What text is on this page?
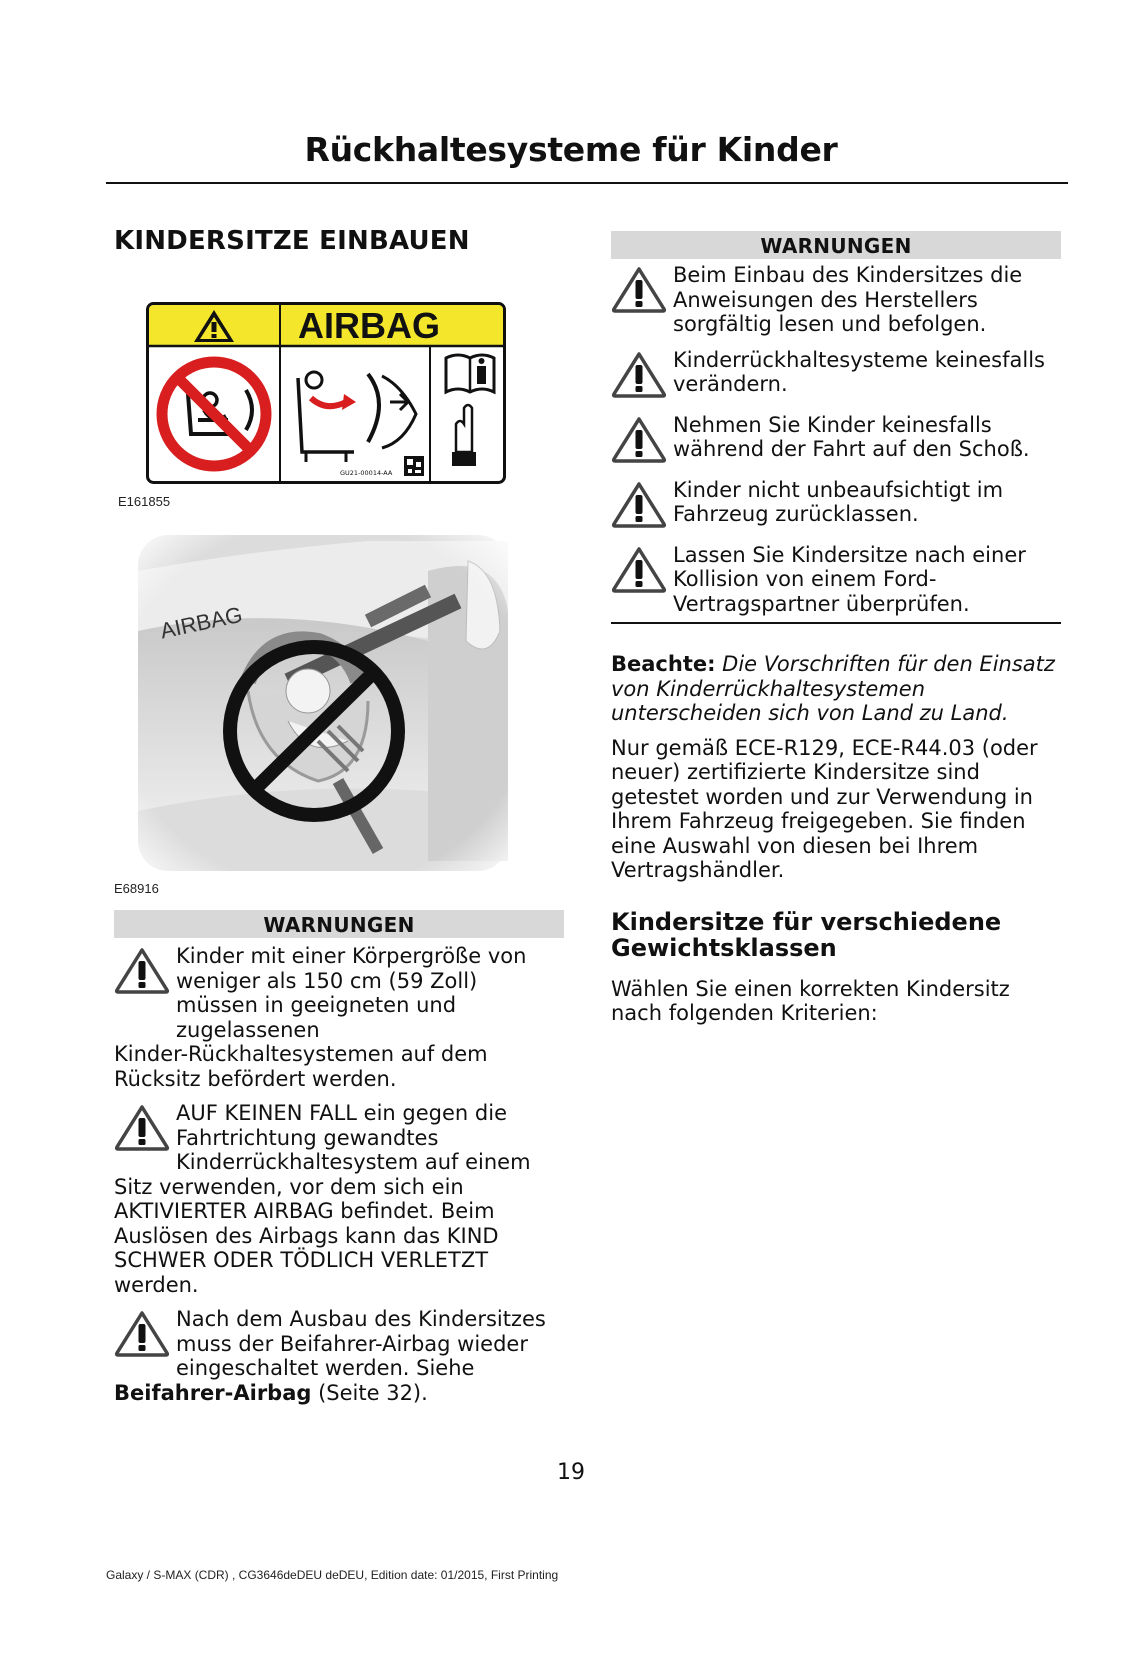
Rückhaltesysteme für Kinder
KINDERSITZE EINBAUEN
GU21-00014-AA
AIRBAG
E161855
AIRBAG
E68916
WARNUNGEN
Kinder mit einer Körpergröße von weniger als 150 cm (59 Zoll) müssen in geeigneten und zugelassenen
Kinder-Rückhaltesystemen auf dem Rücksitz befördert werden.
AUF KEINEN FALL ein gegen die Fahrtrichtung gewandtes Kinderrückhaltesystem auf einem
Sitz verwenden, vor dem sich ein AKTIVIERTER AIRBAG befindet. Beim Auslösen des Airbags kann das KIND SCHWER ODER TÖDLICH VERLETZT werden.
Nach dem Ausbau des Kindersitzes muss der Beifahrer-Airbag wieder eingeschaltet werden. Siehe
Beifahrer-Airbag (Seite 32).
WARNUNGEN
Beim Einbau des Kindersitzes die Anweisungen des Herstellers sorgfältig lesen und befolgen.
Kinderrückhaltesysteme keinesfalls verändern.
Nehmen Sie Kinder keinesfalls während der Fahrt auf den Schoß.
Kinder nicht unbeaufsichtigt im Fahrzeug zurücklassen.
Lassen Sie Kindersitze nach einer Kollision von einem Ford-Vertragspartner überprüfen.

Beachte: Die Vorschriften für den Einsatz von Kinderrückhaltesystemen unterscheiden sich von Land zu Land.

Nur gemäß ECE-R129, ECE-R44.03 (oder neuer) zertifizierte Kindersitze sind getestet worden und zur Verwendung in Ihrem Fahrzeug freigegeben. Sie finden eine Auswahl von diesen bei Ihrem Vertragshändler.

Kindersitze für verschiedene Gewichtsklassen

Wählen Sie einen korrekten Kindersitz nach folgenden Kriterien:

19
Galaxy / S-MAX (CDR) , CG3646deDEU deDEU, Edition date: 01/2015, First Printing
